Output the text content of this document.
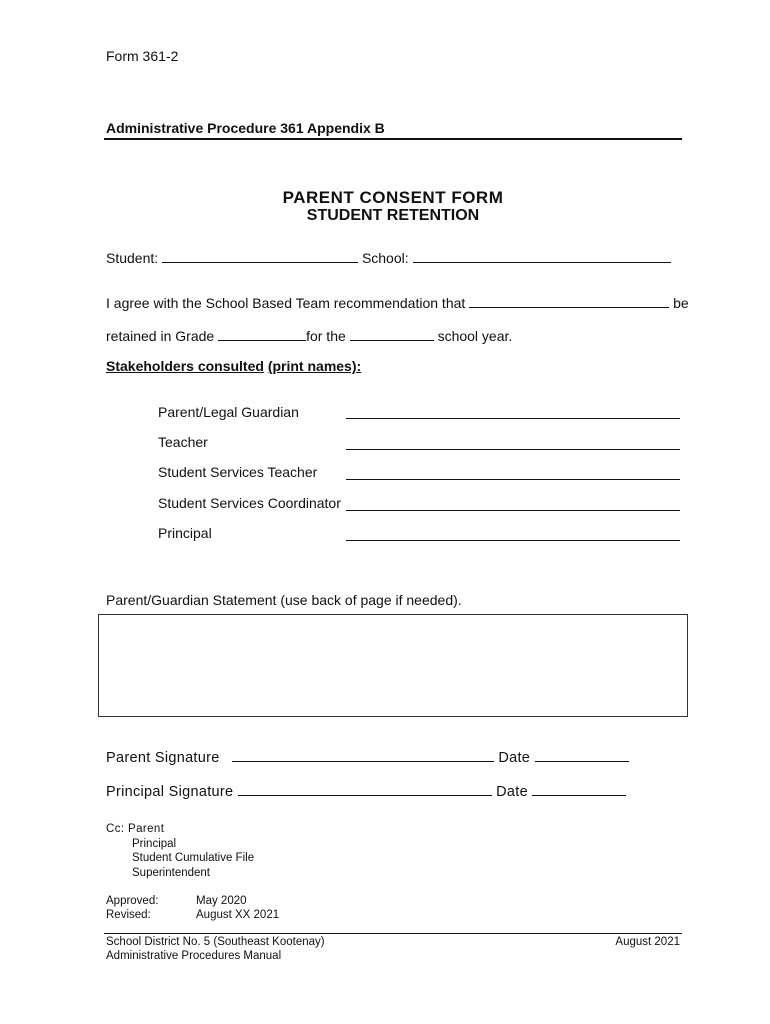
Form 361-2
Administrative Procedure 361 Appendix B
PARENT CONSENT FORM
STUDENT RETENTION
Student:	School:
I agree with the School Based Team recommendation that	be
retained in Grade	for the	school year.
Stakeholders consulted (print names):
Parent/Legal Guardian
Teacher
Student Services Teacher
Student Services Coordinator
Principal
Parent/Guardian Statement (use back of page if needed).
Parent Signature	Date
Principal Signature	Date
Cc: Parent
Principal
Student Cumulative File
Superintendent
Approved:	May 2020
Revised:	August XX 2021
School District No. 5 (Southeast Kootenay)
Administrative Procedures Manual
August 2021
